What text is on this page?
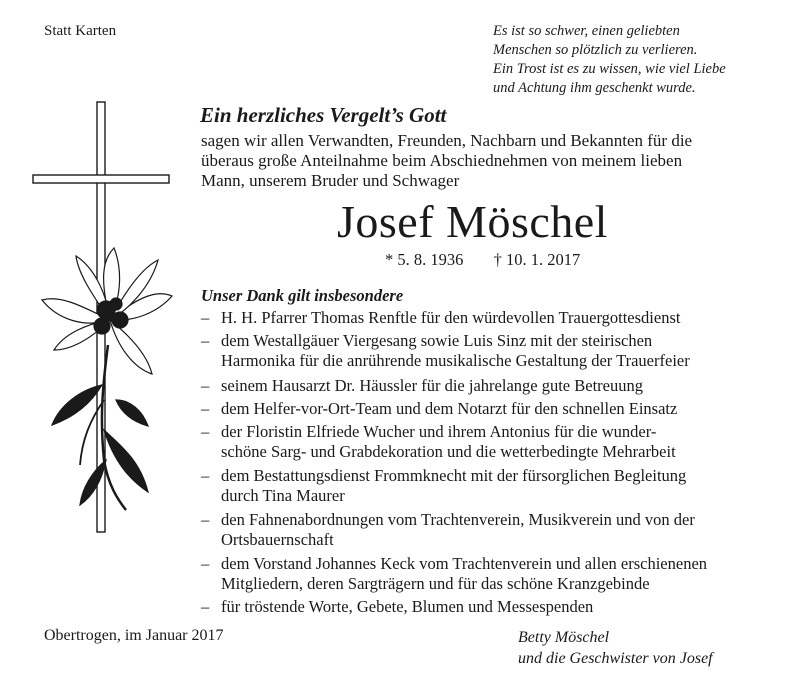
Statt Karten	Es ist so schwer, einen geliebten
Menschen so plötzlich zu verlieren.
Ein Trost ist es zu wissen, wie viel Liebe
und Achtung ihm geschenkt wurde.
Ein herzliches Vergelt’s Gott
sagen wir allen Verwandten, Freunden, Nachbarn und Bekannten für die
überaus große Anteilnahme beim Abschiednehmen von meinem lieben
Mann, unserem Bruder und Schwager
Josef Möschel
* 5. 8. 1936 † 10. 1. 2017
Unser Dank gilt insbesondere
– H. H. Pfarrer Thomas Renftle für den würdevollen Trauergottesdienst
– dem Westallgäuer Viergesang sowie Luis Sinz mit der steirischen
Harmonika für die anrührende musikalische Gestaltung der Trauerfeier
– seinem Hausarzt Dr. Häussler für die jahrelange gute Betreuung
– dem Helfer-vor-Ort-Team und dem Notarzt für den schnellen Einsatz
– der Floristin Elfriede Wucher und ihrem Antonius für die wunder-
schöne Sarg- und Grabdekoration und die wetterbedingte Mehrarbeit
– dem Bestattungsdienst Frommknecht mit der fürsorglichen Begleitung
durch Tina Maurer
– den Fahnenabordnungen vom Trachtenverein, Musikverein und von der
Ortsbauernschaft
– dem Vorstand Johannes Keck vom Trachtenverein und allen erschienenen
Mitgliedern, deren Sargträgern und für das schöne Kranzgebinde
– für tröstende Worte, Gebete, Blumen und Messespenden
Obertrogen, im Januar 2017	Betty Möschel
und die Geschwister von Josef
